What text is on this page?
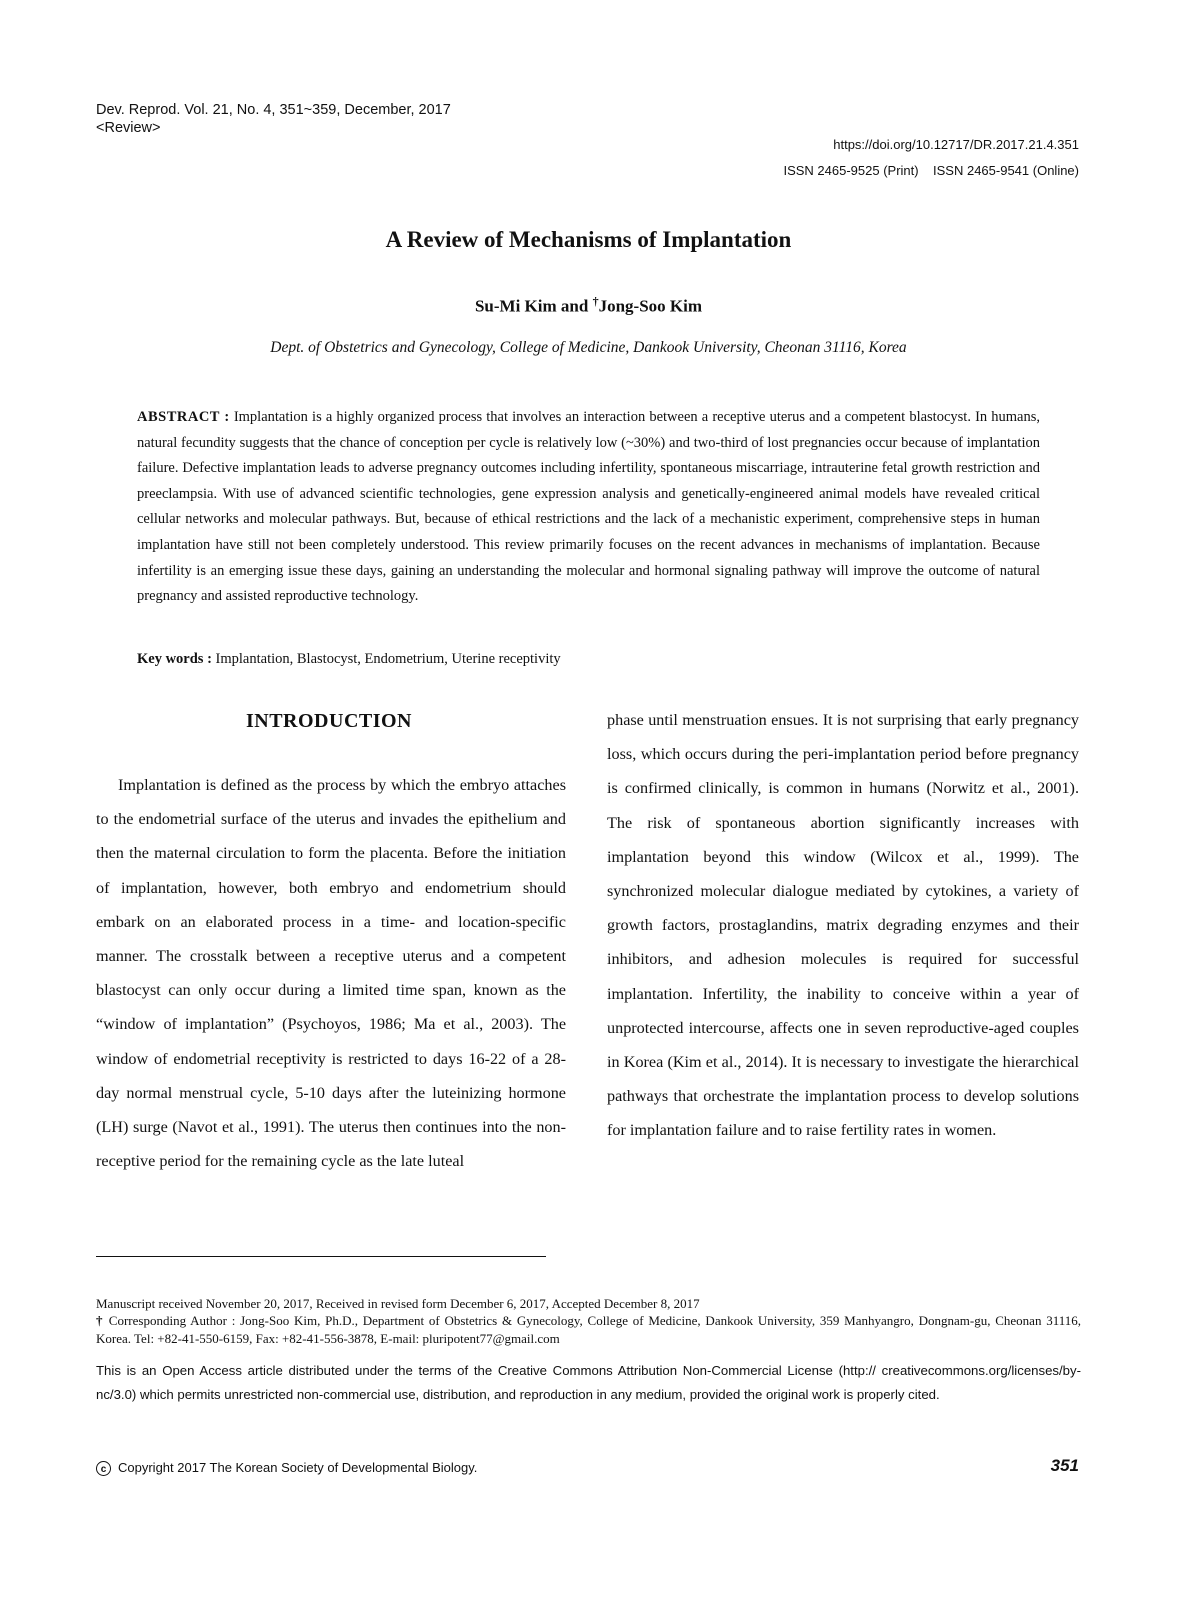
Dev. Reprod. Vol. 21, No. 4, 351~359, December, 2017
<Review>
https://doi.org/10.12717/DR.2017.21.4.351
ISSN 2465-9525 (Print)    ISSN 2465-9541 (Online)
A Review of Mechanisms of Implantation
Su-Mi Kim and †Jong-Soo Kim
Dept. of Obstetrics and Gynecology, College of Medicine, Dankook University, Cheonan 31116, Korea
ABSTRACT : Implantation is a highly organized process that involves an interaction between a receptive uterus and a competent blastocyst. In humans, natural fecundity suggests that the chance of conception per cycle is relatively low (~30%) and two-third of lost pregnancies occur because of implantation failure. Defective implantation leads to adverse pregnancy outcomes including infertility, spontaneous miscarriage, intrauterine fetal growth restriction and preeclampsia. With use of advanced scientific technologies, gene expression analysis and genetically-engineered animal models have revealed critical cellular networks and molecular pathways. But, because of ethical restrictions and the lack of a mechanistic experiment, comprehensive steps in human implantation have still not been completely understood. This review primarily focuses on the recent advances in mechanisms of implantation. Because infertility is an emerging issue these days, gaining an understanding the molecular and hormonal signaling pathway will improve the outcome of natural pregnancy and assisted reproductive technology.
Key words : Implantation, Blastocyst, Endometrium, Uterine receptivity
INTRODUCTION
Implantation is defined as the process by which the embryo attaches to the endometrial surface of the uterus and invades the epithelium and then the maternal circulation to form the placenta. Before the initiation of implantation, however, both embryo and endometrium should embark on an elaborated process in a time- and location-specific manner. The crosstalk between a receptive uterus and a competent blastocyst can only occur during a limited time span, known as the “window of implantation” (Psychoyos, 1986; Ma et al., 2003). The window of endometrial receptivity is restricted to days 16-22 of a 28-day normal menstrual cycle, 5-10 days after the luteinizing hormone (LH) surge (Navot et al., 1991). The uterus then continues into the non-receptive period for the remaining cycle as the late luteal
phase until menstruation ensues. It is not surprising that early pregnancy loss, which occurs during the peri-implantation period before pregnancy is confirmed clinically, is common in humans (Norwitz et al., 2001). The risk of spontaneous abortion significantly increases with implantation beyond this window (Wilcox et al., 1999). The synchronized molecular dialogue mediated by cytokines, a variety of growth factors, prostaglandins, matrix degrading enzymes and their inhibitors, and adhesion molecules is required for successful implantation. Infertility, the inability to conceive within a year of unprotected intercourse, affects one in seven reproductive-aged couples in Korea (Kim et al., 2014). It is necessary to investigate the hierarchical pathways that orchestrate the implantation process to develop solutions for implantation failure and to raise fertility rates in women.
Manuscript received November 20, 2017, Received in revised form December 6, 2017, Accepted December 8, 2017
† Corresponding Author : Jong-Soo Kim, Ph.D., Department of Obstetrics & Gynecology, College of Medicine, Dankook University, 359 Manhyangro, Dongnam-gu, Cheonan 31116, Korea. Tel: +82-41-550-6159, Fax: +82-41-556-3878, E-mail: pluripotent77@gmail.com
This is an Open Access article distributed under the terms of the Creative Commons Attribution Non-Commercial License (http:// creativecommons.org/licenses/by-nc/3.0) which permits unrestricted non-commercial use, distribution, and reproduction in any medium, provided the original work is properly cited.
c Copyright 2017 The Korean Society of Developmental Biology.	351
